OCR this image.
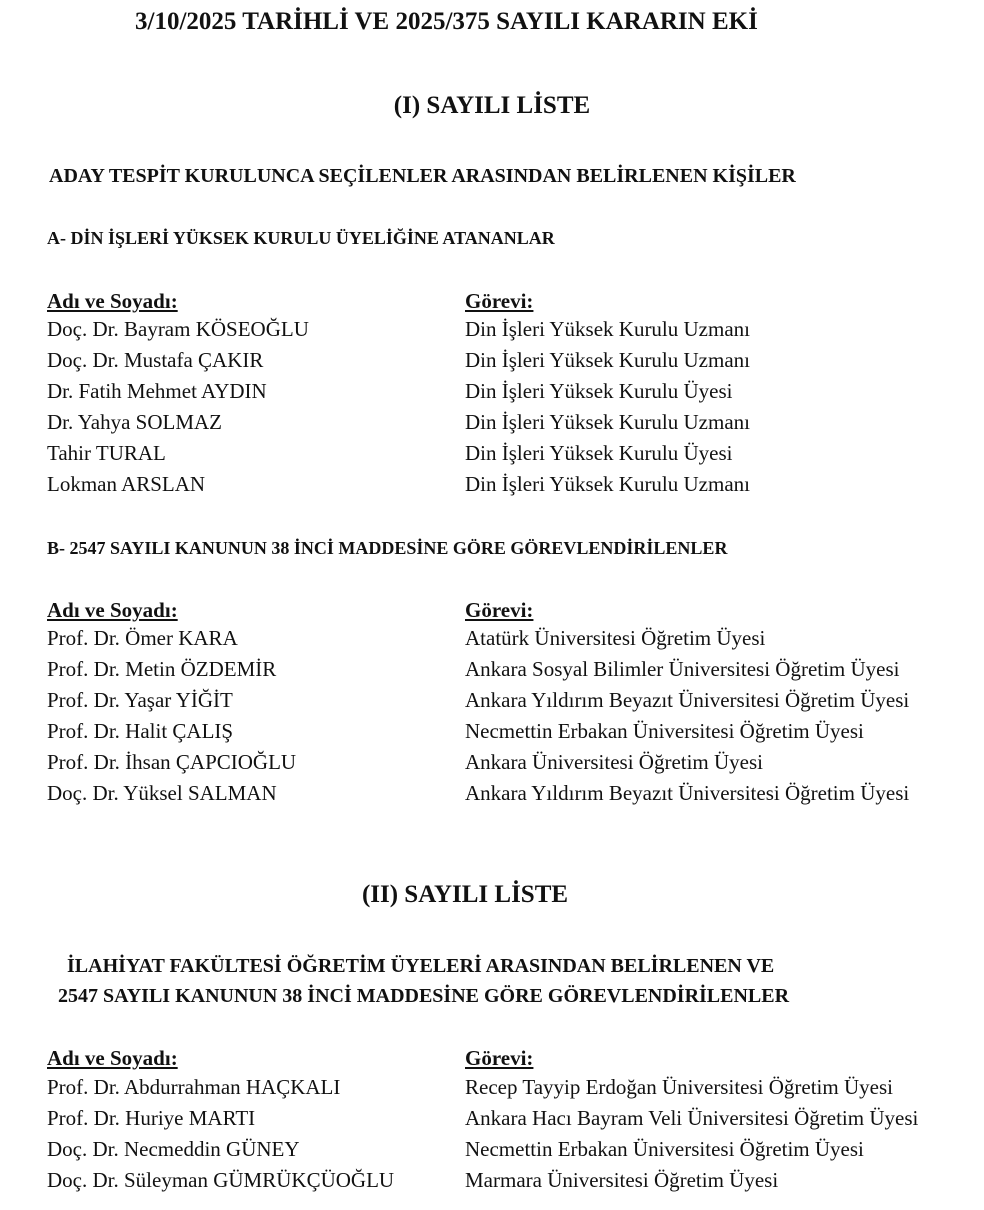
3/10/2025 TARİHLİ VE 2025/375 SAYILI KARARIN EKİ
(I) SAYILI LİSTE
ADAY TESPİT KURULUNCA SEÇİLENLER ARASINDAN BELİRLENEN KİŞİLER
A- DİN İŞLERİ YÜKSEK KURULU ÜYELİĞİNE ATANANLAR
Adı ve Soyadı:	Görevi:
Doç. Dr. Bayram KÖSEOĞLU	Din İşleri Yüksek Kurulu Uzmanı
Doç. Dr. Mustafa ÇAKIR	Din İşleri Yüksek Kurulu Uzmanı
Dr. Fatih Mehmet AYDIN	Din İşleri Yüksek Kurulu Üyesi
Dr. Yahya SOLMAZ	Din İşleri Yüksek Kurulu Uzmanı
Tahir TURAL	Din İşleri Yüksek Kurulu Üyesi
Lokman ARSLAN	Din İşleri Yüksek Kurulu Uzmanı
B- 2547 SAYILI KANUNUN 38 İNCİ MADDESİNE GÖRE GÖREVLENDİRİLENLER
Adı ve Soyadı:	Görevi:
Prof. Dr. Ömer KARA	Atatürk Üniversitesi Öğretim Üyesi
Prof. Dr. Metin ÖZDEMİR	Ankara Sosyal Bilimler Üniversitesi Öğretim Üyesi
Prof. Dr. Yaşar YİĞİT	Ankara Yıldırım Beyazıt Üniversitesi Öğretim Üyesi
Prof. Dr. Halit ÇALIŞ	Necmettin Erbakan Üniversitesi Öğretim Üyesi
Prof. Dr. İhsan ÇAPCIOĞLU	Ankara Üniversitesi Öğretim Üyesi
Doç. Dr. Yüksel SALMAN	Ankara Yıldırım Beyazıt Üniversitesi Öğretim Üyesi
(II) SAYILI LİSTE
İLAHİYAT FAKÜLTESİ ÖĞRETİM ÜYELERİ ARASINDAN BELİRLENEN VE
2547 SAYILI KANUNUN 38 İNCİ MADDESİNE GÖRE GÖREVLENDİRİLENLER
Adı ve Soyadı:	Görevi:
Prof. Dr. Abdurrahman HAÇKALI	Recep Tayyip Erdoğan Üniversitesi Öğretim Üyesi
Prof. Dr. Huriye MARTI	Ankara Hacı Bayram Veli Üniversitesi Öğretim Üyesi
Doç. Dr. Necmeddin GÜNEY	Necmettin Erbakan Üniversitesi Öğretim Üyesi
Doç. Dr. Süleyman GÜMRÜKÇÜOĞLU	Marmara Üniversitesi Öğretim Üyesi
